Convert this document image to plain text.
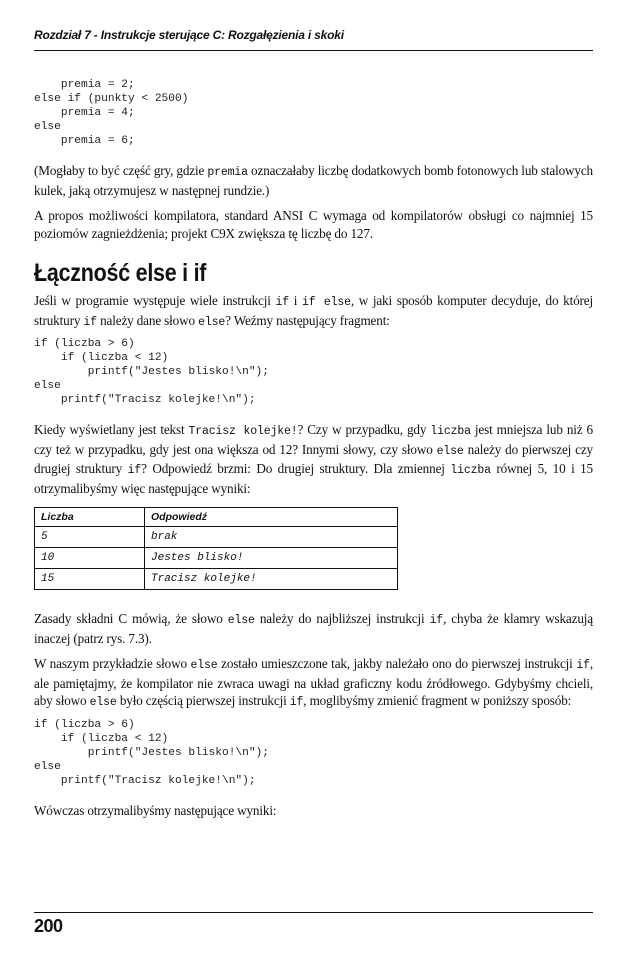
Rozdział 7 - Instrukcje sterujące C: Rozgałęzienia i skoki
premia = 2;
else if (punkty < 2500)
premia = 4;
else
premia = 6;

(Mogłaby to być część gry, gdzie premia oznaczałaby liczbę dodatkowych bomb fotonowych lub stalowych kulek, jaką otrzymujesz w następnej rundzie.)

A propos możliwości kompilatora, standard ANSI C wymaga od kompilatorów obsługi co najmniej 15 poziomów zagnieżdżenia; projekt C9X zwiększa tę liczbę do 127.

Łączność else i if

Jeśli w programie występuje wiele instrukcji if i if else, w jaki sposób komputer decyduje, do której struktury if należy dane słowo else? Weźmy następujący fragment:

if (liczba > 6)
if (liczba < 12)
printf("Jestes blisko!\n");
else
printf("Tracisz kolejke!\n");

Kiedy wyświetlany jest tekst Tracisz kolejke!? Czy w przypadku, gdy liczba jest mniejsza lub niż 6 czy też w przypadku, gdy jest ona większa od 12? Innymi słowy, czy słowo else należy do pierwszej czy drugiej struktury if? Odpowiedź brzmi: Do drugiej struktury. Dla zmiennej liczba równej 5, 10 i 15 otrzymalibyśmy więc następujące wyniki:

Liczba	Odpowiedź
5	brak
10	Jestes blisko!
15	Tracisz kolejke!

Zasady składni C mówią, że słowo else należy do najbliższej instrukcji if, chyba że klamry wskazują inaczej (patrz rys. 7.3).

W naszym przykładzie słowo else zostało umieszczone tak, jakby należało ono do pierwszej instrukcji if, ale pamiętajmy, że kompilator nie zwraca uwagi na układ graficzny kodu źródłowego. Gdybyśmy chcieli, aby słowo else było częścią pierwszej instrukcji if, moglibyśmy zmienić fragment w poniższy sposób:

if (liczba > 6)
if (liczba < 12)
printf("Jestes blisko!\n");
else
printf("Tracisz kolejke!\n");

Wówczas otrzymalibyśmy następujące wyniki:

200
